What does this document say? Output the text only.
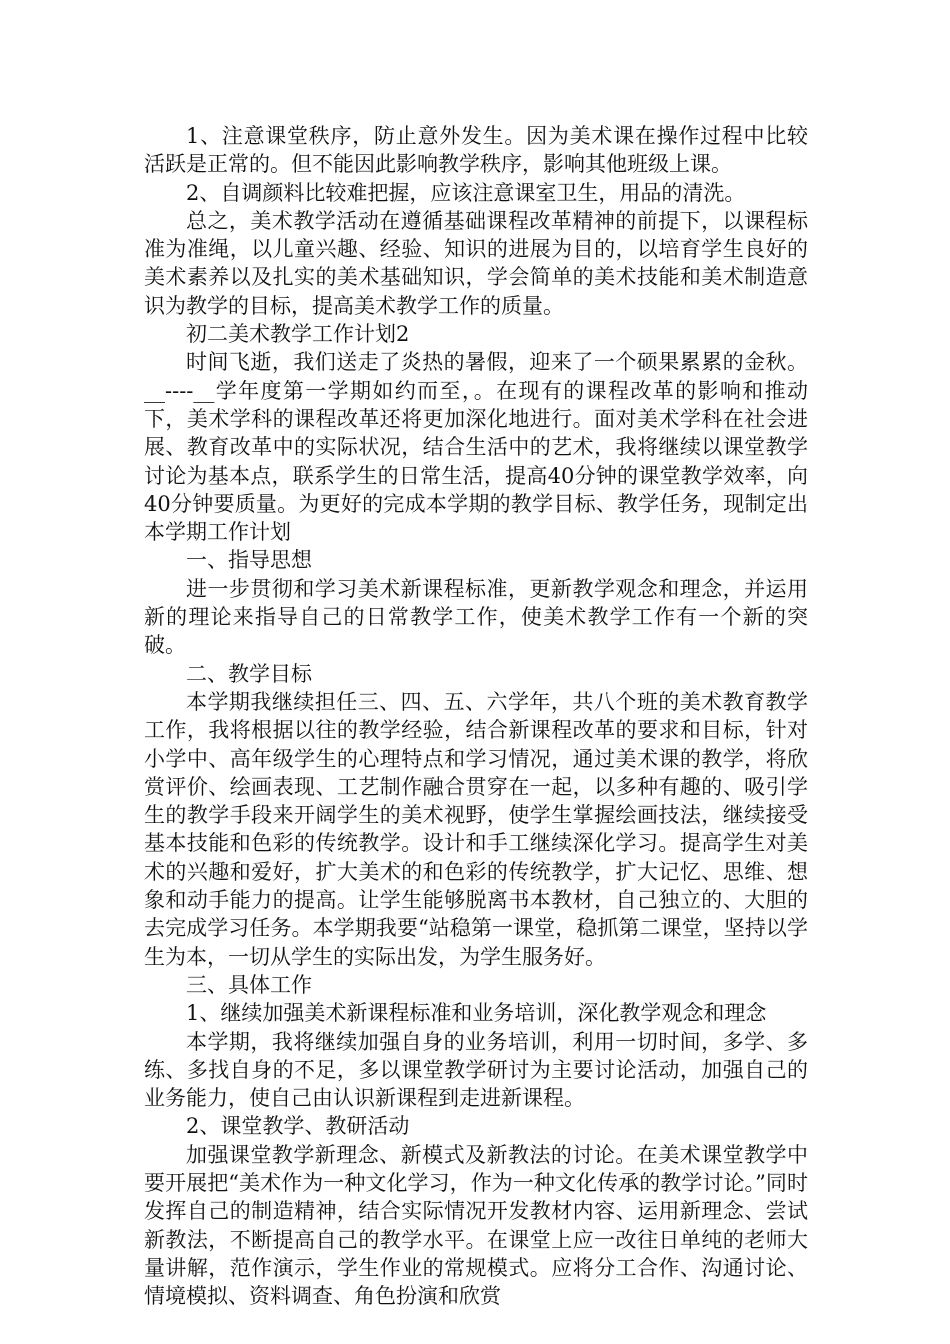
1、注意课堂秩序，防止意外发生。因为美术课在操作过程中比较活跃是正常的。但不能因此影响教学秩序，影响其他班级上课。

2、自调颜料比较难把握，应该注意课室卫生，用品的清洗。

总之，美术教学活动在遵循基础课程改革精神的前提下，以课程标准为准绳，以儿童兴趣、经验、知识的进展为目的，以培育学生良好的美术素养以及扎实的美术基础知识，学会简单的美术技能和美术制造意识为教学的目标，提高美术教学工作的质量。

初二美术教学工作计划2

时间飞逝，我们送走了炎热的暑假，迎来了一个硕果累累的金秋。__----__学年度第一学期如约而至，。在现有的课程改革的影响和推动下，美术学科的课程改革还将更加深化地进行。面对美术学科在社会进展、教育改革中的实际状况，结合生活中的艺术，我将继续以课堂教学讨论为基本点，联系学生的日常生活，提高40分钟的课堂教学效率，向40分钟要质量。为更好的完成本学期的教学目标、教学任务，现制定出本学期工作计划

一、指导思想

进一步贯彻和学习美术新课程标准，更新教学观念和理念，并运用新的理论来指导自己的日常教学工作，使美术教学工作有一个新的突破。

二、教学目标

本学期我继续担任三、四、五、六学年，共八个班的美术教育教学工作，我将根据以往的教学经验，结合新课程改革的要求和目标，针对小学中、高年级学生的心理特点和学习情况，通过美术课的教学，将欣赏评价、绘画表现、工艺制作融合贯穿在一起，以多种有趣的、吸引学生的教学手段来开阔学生的美术视野，使学生掌握绘画技法，继续接受基本技能和色彩的传统教学。设计和手工继续深化学习。提高学生对美术的兴趣和爱好，扩大美术的和色彩的传统教学，扩大记忆、思维、想象和动手能力的提高。让学生能够脱离书本教材，自己独立的、大胆的去完成学习任务。本学期我要“站稳第一课堂，稳抓第二课堂，坚持以学生为本，一切从学生的实际出发，为学生服务好。

三、具体工作

1、继续加强美术新课程标准和业务培训，深化教学观念和理念

本学期，我将继续加强自身的业务培训，利用一切时间，多学、多练、多找自身的不足，多以课堂教学研讨为主要讨论活动，加强自己的业务能力，使自己由认识新课程到走进新课程。

2、课堂教学、教研活动

加强课堂教学新理念、新模式及新教法的讨论。在美术课堂教学中要开展把“美术作为一种文化学习，作为一种文化传承的教学讨论。”同时发挥自己的制造精神，结合实际情况开发教材内容、运用新理念、尝试新教法，不断提高自己的教学水平。在课堂上应一改往日单纯的老师大量讲解，范作演示，学生作业的常规模式。应将分工合作、沟通讨论、情境模拟、资料调查、角色扮演和欣赏
